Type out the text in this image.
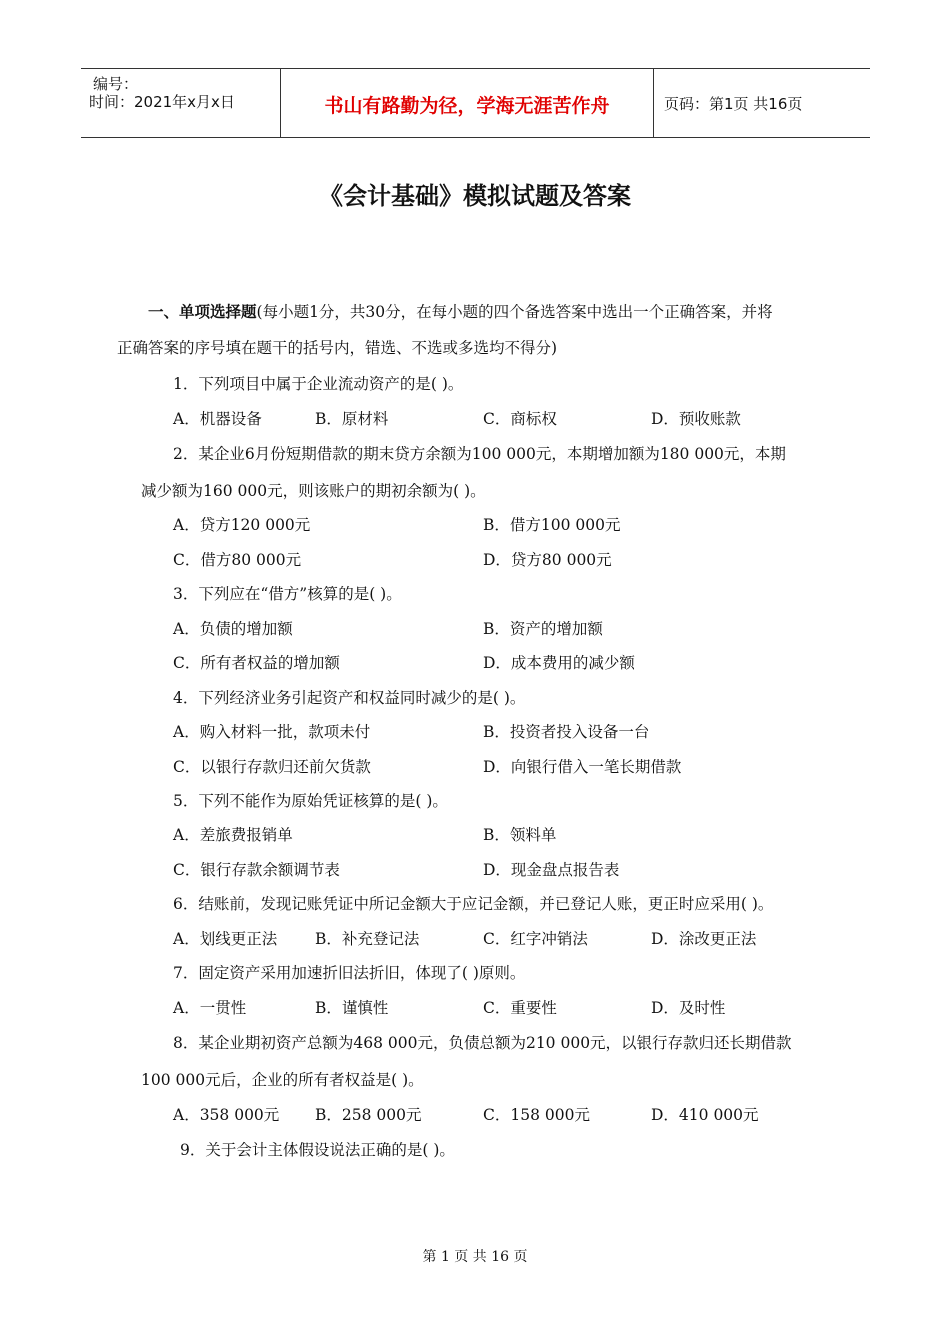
编号：
时间：2021年x月x日	书山有路勤为径，学海无涯苦作舟	页码：第1页 共16页
《会计基础》模拟试题及答案
一、单项选择题(每小题1分，共30分，在每小题的四个备选答案中选出一个正确答案，并将
正确答案的序号填在题干的括号内，错选、不选或多选均不得分)
1．下列项目中属于企业流动资产的是( )。
A．机器设备	B．原材料	C．商标权	D．预收账款
2．某企业6月份短期借款的期末贷方余额为100 000元，本期增加额为180 000元，本期
减少额为160 000元，则该账户的期初余额为( )。
A．贷方120 000元	B．借方100 000元
C．借方80 000元	D．贷方80 000元
3．下列应在“借方”核算的是( )。
A．负债的增加额	B．资产的增加额
C．所有者权益的增加额	D．成本费用的减少额
4．下列经济业务引起资产和权益同时减少的是( )。
A．购入材料一批，款项未付	B．投资者投入设备一台
C．以银行存款归还前欠货款	D．向银行借入一笔长期借款
5．下列不能作为原始凭证核算的是( )。
A．差旅费报销单	B．领料单
C．银行存款余额调节表	D．现金盘点报告表
6．结账前，发现记账凭证中所记金额大于应记金额，并已登记人账，更正时应采用( )。
A．划线更正法 B．补充登记法	C．红字冲销法	D．涂改更正法
7．固定资产采用加速折旧法折旧，体现了( )原则。
A．一贯性	B．谨慎性	C．重要性	D．及时性
8．某企业期初资产总额为468 000元，负债总额为210 000元，以银行存款归还长期借款
100 000元后，企业的所有者权益是( )。
A．358 000元 B．258 000元	C．158 000元	D．410 000元
9．关于会计主体假设说法正确的是( )。
第 1 页 共 16 页
